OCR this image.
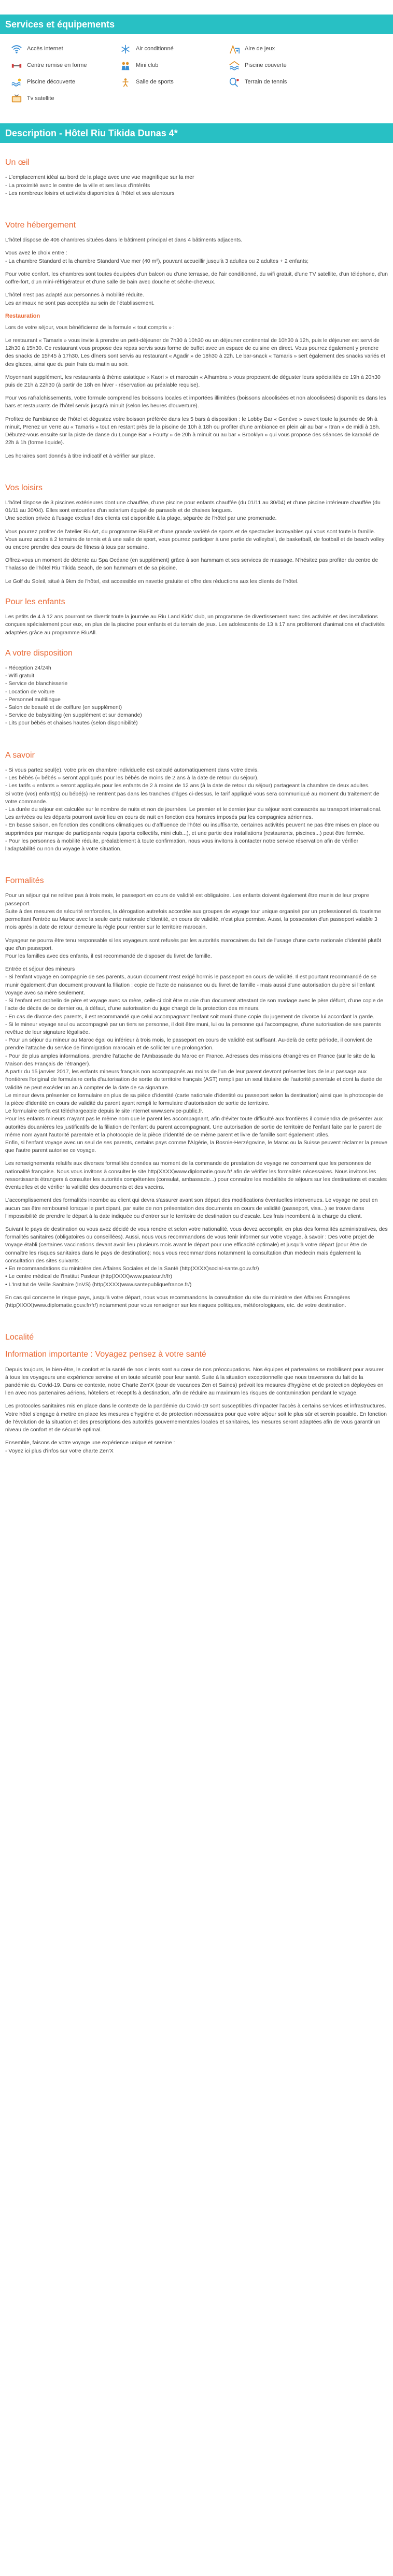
Services et équipements
Accès internet	Air conditionné	Aire de jeux
Centre remise en forme	Mini club	Piscine couverte
Piscine découverte	Salle de sports	Terrain de tennis
Tv satellite
Description - Hôtel Riu Tikida Dunas 4*
Un œil

- L'emplacement idéal au bord de la plage avec une vue magnifique sur la mer

- La proximité avec le centre de la ville et ses lieux d'intérêts

- Les nombreux loisirs et activités disponibles à l'hôtel et ses alentours

Votre hébergement

L'hôtel dispose de 406 chambres situées dans le bâtiment principal et dans 4 bâtiments adjacents.

Vous avez le choix entre :

- La chambre Standard et la chambre Standard Vue mer (40 m²), pouvant accueillir jusqu'à 3 adultes ou 2 adultes + 2 enfants;

Pour votre confort, les chambres sont toutes équipées d'un balcon ou d'une terrasse, de l'air conditionné, du wifi gratuit, d'une TV satellite, d'un téléphone, d'un coffre-fort, d'un mini-réfrigérateur et d'une salle de bain avec douche et sèche-cheveux.

L'hôtel n'est pas adapté aux personnes à mobilité réduite.

Les animaux ne sont pas acceptés au sein de l'établissement.

Restauration

Lors de votre séjour, vous bénéficierez de la formule « tout compris » :

Le restaurant « Tamaris » vous invite à prendre un petit-déjeuner de 7h30 à 10h30 ou un déjeuner continental de 10h30 à 12h, puis le déjeuner est servi de 12h30 à 15h30. Ce restaurant vous propose des repas servis sous forme de buffet avec un espace de cuisine en direct. Vous pourrez également y prendre des snacks de 15h45 à 17h30. Les dîners sont servis au restaurant « Agadir » de 18h30 à 22h. Le bar-snack « Tamaris » sert également des snacks variés et des glaces, ainsi que du pain frais du matin au soir.

Moyennant supplément, les restaurants à thème asiatique « Kaori » et marocain « Alhambra » vous proposent de déguster leurs spécialités de 19h à 20h30 puis de 21h à 22h30 (à partir de 18h en hiver - réservation au préalable requise).

Pour vos rafraîchissements, votre formule comprend les boissons locales et importées illimitées (boissons alcoolisées et non alcoolisées) disponibles dans les bars et restaurants de l'hôtel servis jusqu'à minuit (selon les heures d'ouverture).

Profitez de l'ambiance de l'hôtel et dégustez votre boisson préférée dans les 5 bars à disposition : le Lobby Bar « Genève » ouvert toute la journée de 9h à minuit, Prenez un verre au « Tamaris » tout en restant près de la piscine de 10h à 18h ou profiter d'une ambiance en plein air au bar « Itran » de midi à 18h. Débutez-vous ensuite sur la piste de danse du Lounge Bar « Fourty » de 20h à minuit ou au bar « Brooklyn » qui vous propose des séances de karaoké de 22h à 1h (forme liquide).

Les horaires sont donnés à titre indicatif et à vérifier sur place.

Vos loisirs

L'hôtel dispose de 3 piscines extérieures dont une chauffée, d'une piscine pour enfants chauffée (du 01/11 au 30/04) et d'une piscine intérieure chauffée (du 01/11 au 30/04). Elles sont entourées d'un solarium équipé de parasols et de chaises longues.

Une section privée à l'usage exclusif des clients est disponible à la plage, séparée de l'hôtel par une promenade.

Vous pourrez profiter de l'atelier RiuArt, du programme RiuFit et d'une grande variété de sports et de spectacles incroyables qui vous sont toute la famille. Vous aurez accès à 2 terrains de tennis et à une salle de sport, vous pourrez participer à une partie de volleyball, de basketball, de football et de beach volley ou encore prendre des cours de fitness à tous par semaine.

Offrez-vous un moment de détente au Spa Océane (en supplément) grâce à son hammam et ses services de massage. N'hésitez pas profiter du centre de Thalasso de l'hôtel Riu Tikida Beach, de son hammam et de sa piscine.

Le Golf du Soleil, situé à 9km de l'hôtel, est accessible en navette gratuite et offre des réductions aux les clients de l'hôtel.

Pour les enfants

Les petits de 4 à 12 ans pourront se divertir toute la journée au Riu Land Kids' club, un programme de divertissement avec des activités et des installations conçues spécialement pour eux, en plus de la piscine pour enfants et du terrain de jeux. Les adolescents de 13 à 17 ans profiteront d'animations et d'activités adaptées grâce au programme RiuAll.

A votre disposition
- Réception 24/24h
- Wifi gratuit
- Service de blanchisserie
- Location de voiture
- Personnel multilingue
- Salon de beauté et de coiffure (en supplément)
- Service de babysitting (en supplément et sur demande)
- Lits pour bébés et chaises hautes (selon disponibilité)
A savoir

- Si vous partez seul(e), votre prix en chambre individuelle est calculé automatiquement dans votre devis.

- Les bébés (« bébés » seront appliqués pour les bébés de moins de 2 ans à la date de retour du séjour).

- Les tarifs « enfants » seront appliqués pour les enfants de 2 à moins de 12 ans (à la date de retour du séjour) partageant la chambre de deux adultes.

Si votre (vos) enfant(s) ou bébé(s) ne rentrent pas dans les tranches d'âges ci-dessus, le tarif appliqué vous sera communiqué au moment du traitement de votre commande.

- La durée du séjour est calculée sur le nombre de nuits et non de journées. Le premier et le dernier jour du séjour sont consacrés au transport international. Les arrivées ou les départs pourront avoir lieu en cours de nuit en fonction des horaires imposés par les compagnies aériennes.

- En basse saison, en fonction des conditions climatiques ou d'affluence de l'hôtel ou insuffisante, certaines activités peuvent ne pas être mises en place ou supprimées par manque de participants requis (sports collectifs, mini club...), et une partie des installations (restaurants, piscines...) peut être fermée.

- Pour les personnes à mobilité réduite, préalablement à toute confirmation, nous vous invitons à contacter notre service réservation afin de vérifier l'adaptabilité ou non du voyage à votre situation.

Formalités

Pour un séjour qui ne relève pas à trois mois, le passeport en cours de validité est obligatoire. Les enfants doivent également être munis de leur propre passeport.

Suite à des mesures de sécurité renforcées, la dérogation autrefois accordée aux groupes de voyage tour unique organisé par un professionnel du tourisme permettant l'entrée au Maroc avec la seule carte nationale d'identité, en cours de validité, n'est plus permise. Aussi, la possession d'un passeport valable 3 mois après la date de retour demeure la règle pour rentrer sur le territoire marocain.

Voyageur ne pourra être tenu responsable si les voyageurs sont refusés par les autorités marocaines du fait de l'usage d'une carte nationale d'identité plutôt que d'un passeport.

Pour les familles avec des enfants, il est recommandé de disposer du livret de famille.

Entrée et séjour des mineurs

- Si l'enfant voyage en compagnie de ses parents, aucun document n'est exigé hormis le passeport en cours de validité. Il est pourtant recommandé de se munir également d'un document prouvant la filiation : copie de l'acte de naissance ou du livret de famille - mais aussi d'une autorisation du père si l'enfant voyage avec sa mère seulement.

- Si l'enfant est orphelin de père et voyage avec sa mère, celle-ci doit être munie d'un document attestant de son mariage avec le père défunt, d'une copie de l'acte de décès de ce dernier ou, à défaut, d'une autorisation du juge chargé de la protection des mineurs.

- En cas de divorce des parents, il est recommandé que celui accompagnant l'enfant soit muni d'une copie du jugement de divorce lui accordant la garde.

- Si le mineur voyage seul ou accompagné par un tiers se personne, il doit être muni, lui ou la personne qui l'accompagne, d'une autorisation de ses parents revêtue de leur signature légalisée.

- Pour un séjour du mineur au Maroc égal ou inférieur à trois mois, le passeport en cours de validité est suffisant. Au-delà de cette période, il convient de prendre l'attache du service de l'immigration marocain et de solliciter une prolongation.

- Pour de plus amples informations, prendre l'attache de l'Ambassade du Maroc en France. Adresses des missions étrangères en France (sur le site de la Maison des Français de l'étranger).

A partir du 15 janvier 2017, les enfants mineurs français non accompagnés au moins de l'un de leur parent devront présenter lors de leur passage aux frontières l'original de formulaire cerfa d'autorisation de sortie du territoire français (AST) rempli par un seul titulaire de l'autorité parentale et dont la durée de validité ne peut excéder un an à compter de la date de sa signature.

Le mineur devra présenter ce formulaire en plus de sa pièce d'identité (carte nationale d'identité ou passeport selon la destination) ainsi que la photocopie de la pièce d'identité en cours de validité du parent ayant rempli le formulaire d'autorisation de sortie de territoire.

Le formulaire cerfa est téléchargeable depuis le site internet www.service-public.fr.

Pour les enfants mineurs n'ayant pas le même nom que le parent les accompagnant, afin d'éviter toute difficulté aux frontières il conviendra de présenter aux autorités douanières les justificatifs de la filiation de l'enfant du parent accompagnant. Une autorisation de sortie de territoire de l'enfant faite par le parent de même nom ayant l'autorité parentale et la photocopie de la pièce d'identité de ce même parent et livre de famille sont également utiles.

Enfin, si l'enfant voyage avec un seul de ses parents, certains pays comme l'Algérie, la Bosnie-Herzégovine, le Maroc ou la Suisse peuvent réclamer la preuve que l'autre parent autorise ce voyage.

Les renseignements relatifs aux diverses formalités données au moment de la commande de prestation de voyage ne concernent que les personnes de nationalité française. Nous vous invitons à consulter le site http(XXXX)www.diplomatie.gouv.fr/ afin de vérifier les formalités nécessaires. Nous invitons les ressortissants étrangers à consulter les autorités compétentes (consulat, ambassade...) pour connaître les modalités de séjours sur les destinations et escales éventuelles et de vérifier la validité des documents et des vaccins.

L'accomplissement des formalités incombe au client qui devra s'assurer avant son départ des modifications éventuelles intervenues. Le voyage ne peut en aucun cas être remboursé lorsque le participant, par suite de non présentation des documents en cours de validité (passeport, visa...) se trouve dans l'impossibilité de prendre le départ à la date indiquée ou d'entrer sur le territoire de destination ou d'escale. Les frais incombent à la charge du client.

Suivant le pays de destination ou vous avez décidé de vous rendre et selon votre nationalité, vous devez accomplir, en plus des formalités administratives, des formalités sanitaires (obligatoires ou conseillées). Aussi, nous vous recommandons de vous tenir informer sur votre voyage, à savoir : Des votre projet de voyage établi (certaines vaccinations devant avoir lieu plusieurs mois avant le départ pour une efficacité optimale) et jusqu'à votre départ (pour être de connaître les risques sanitaires dans le pays de destination); nous vous recommandons notamment la consultation d'un médecin mais également la consultation des sites suivants :

• En recommandations du ministère des Affaires Sociales et de la Santé (http(XXXX)social-sante.gouv.fr/)

• Le centre médical de l'Institut Pasteur (http(XXXX)www.pasteur.fr/fr)

• L'Institut de Veille Sanitaire (InVS) (http(XXXX)www.santepubliquefrance.fr/)

En cas qui concerne le risque pays, jusqu'à votre départ, nous vous recommandons la consultation du site du ministère des Affaires Étrangères (http(XXXX)www.diplomatie.gouv.fr/fr/) notamment pour vous renseigner sur les risques politiques, météorologiques, etc. de votre destination.

Localité
Information importante : Voyagez pensez à votre santé

Depuis toujours, le bien-être, le confort et la santé de nos clients sont au cœur de nos préoccupations. Nos équipes et partenaires se mobilisent pour assurer à tous les voyageurs une expérience sereine et en toute sécurité pour leur santé. Suite à la situation exceptionnelle que nous traversons du fait de la pandémie du Covid-19. Dans ce contexte, notre Charte Zen'X (pour de vacances Zen et Saines) prévoit les mesures d'hygiène et de protection déployées en lien avec nos partenaires aériens, hôteliers et réceptifs à destination, afin de réduire au maximum les risques de contamination pendant le voyage.

Les protocoles sanitaires mis en place dans le contexte de la pandémie du Covid-19 sont susceptibles d'impacter l'accès à certains services et infrastructures. Votre hôtel s'engage à mettre en place les mesures d'hygiène et de protection nécessaires pour que votre séjour soit le plus sûr et serein possible. En fonction de l'évolution de la situation et des prescriptions des autorités gouvernementales locales et sanitaires, les mesures seront adaptées afin de vous garantir un niveau de confort et de sécurité optimal.

Ensemble, faisons de votre voyage une expérience unique et sereine :

- Voyez ici plus d'infos sur votre charte Zen'X
